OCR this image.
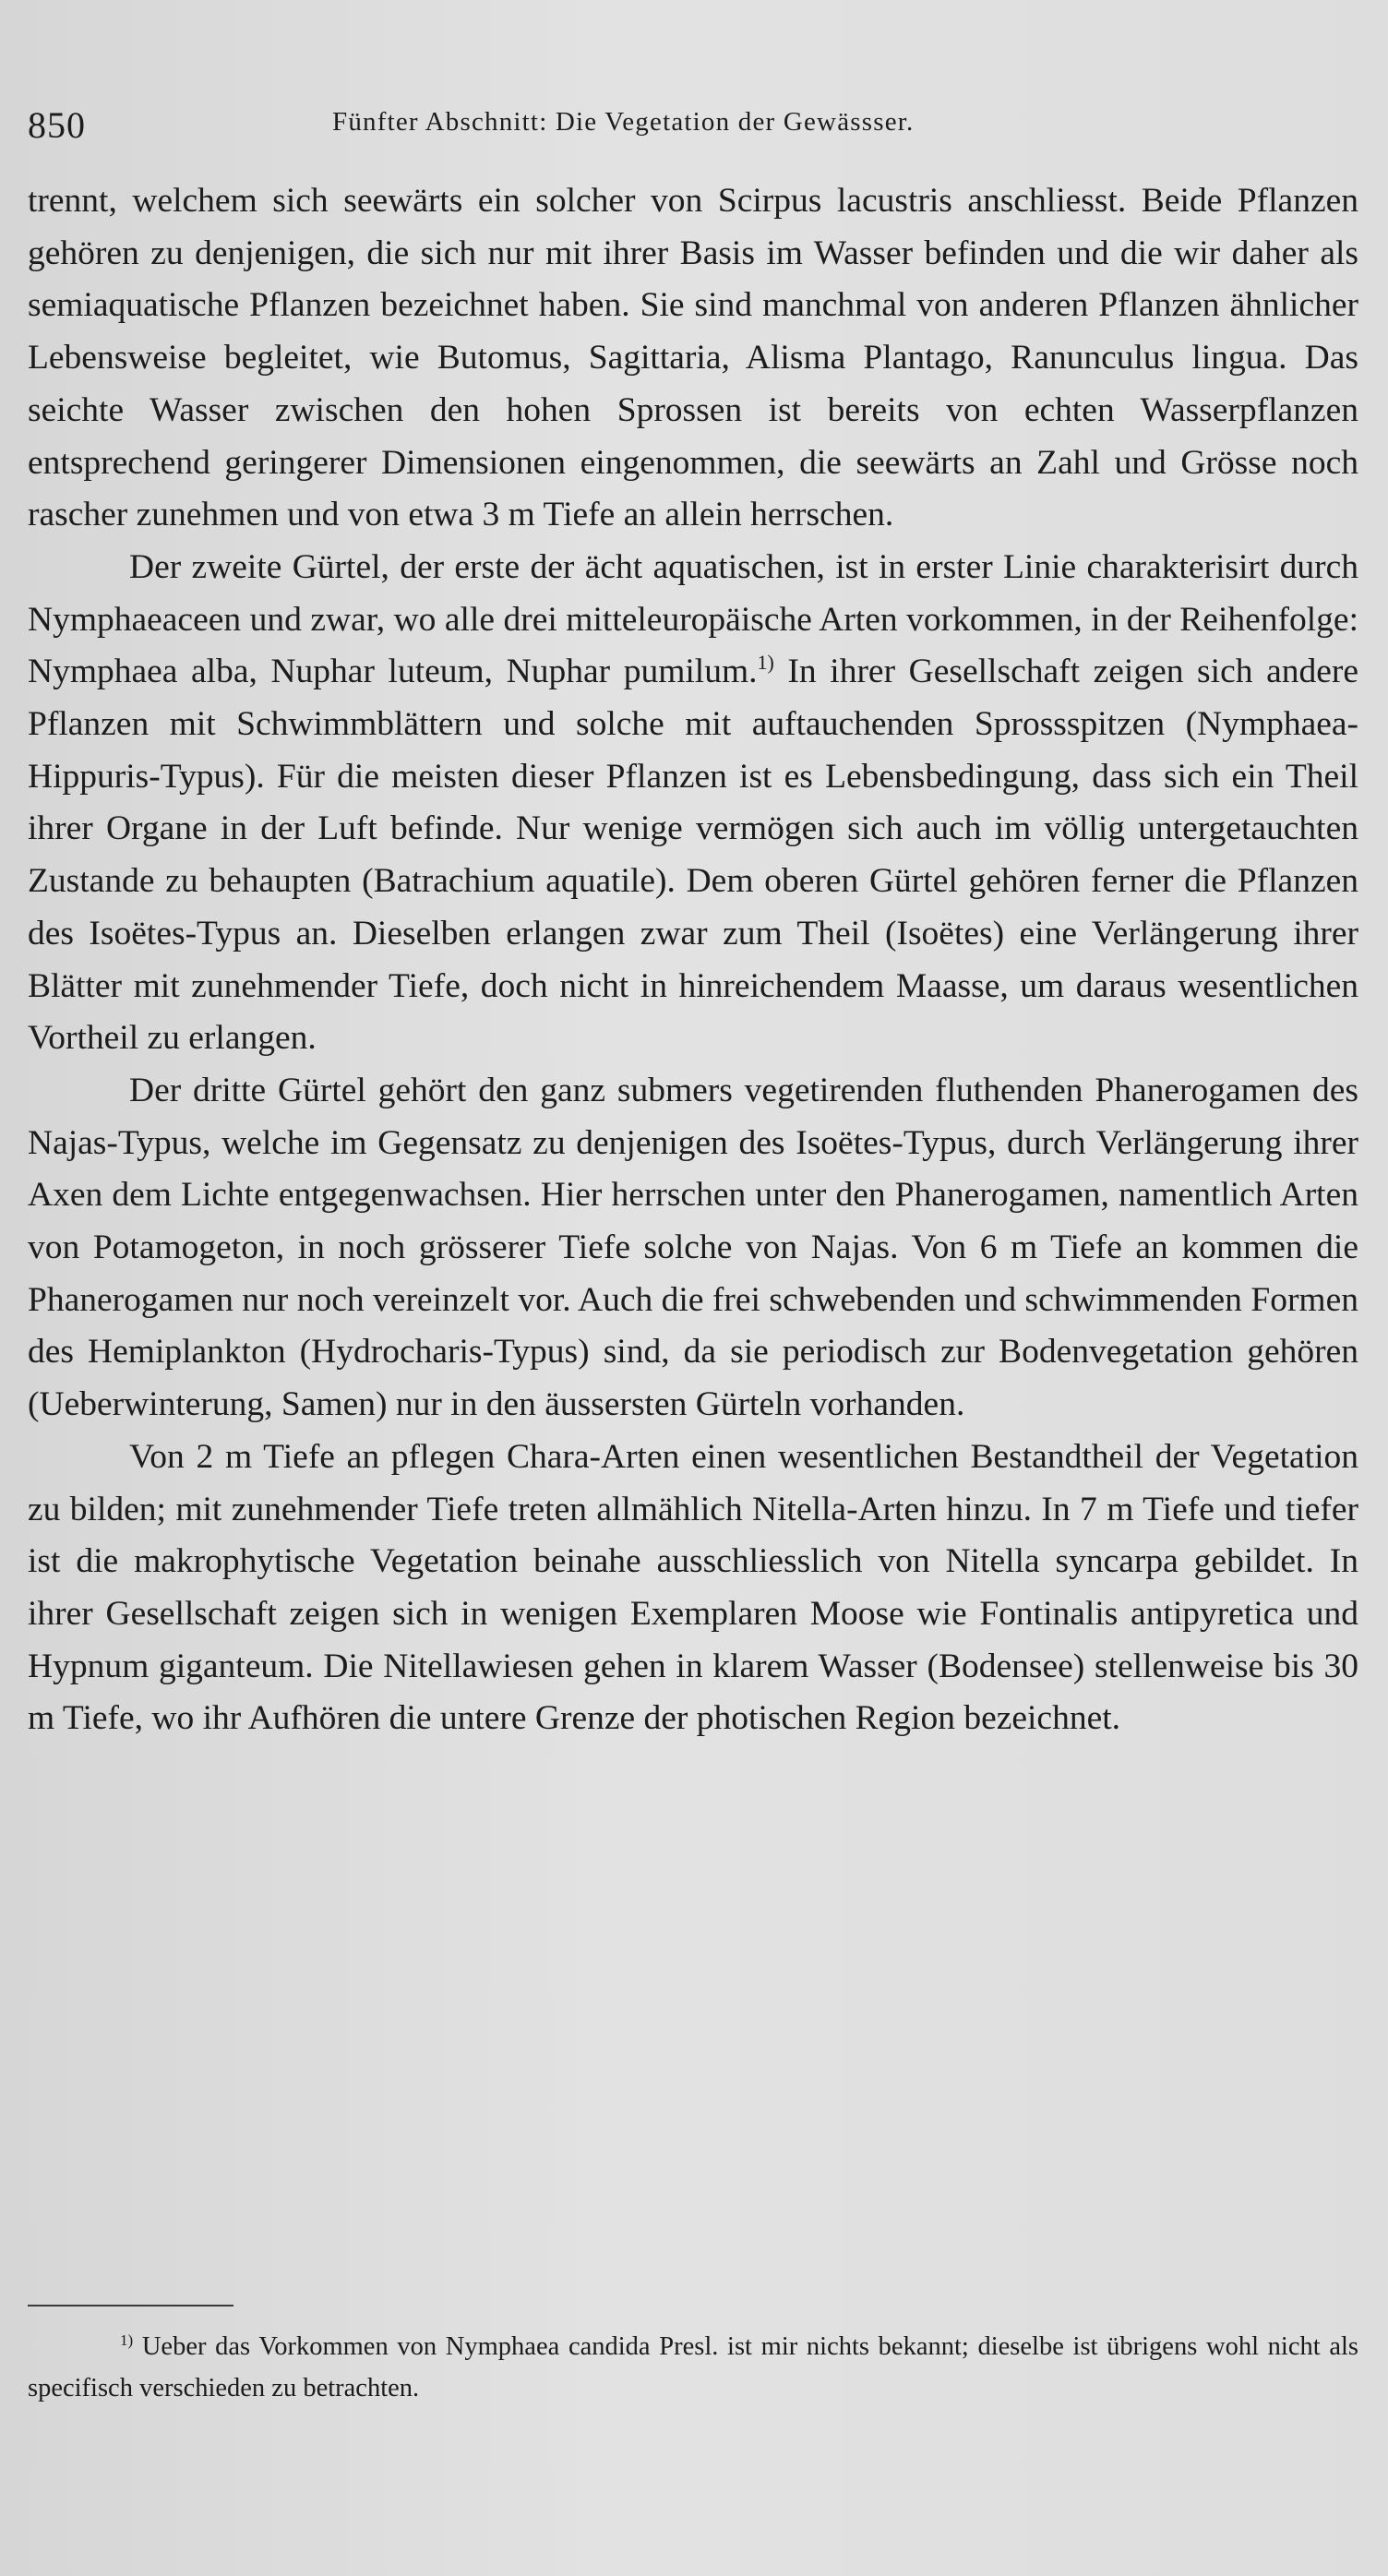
850	Fünfter Abschnitt: Die Vegetation der Gewässser.

trennt, welchem sich seewärts ein solcher von Scirpus lacustris anschliesst. Beide Pflanzen gehören zu denjenigen, die sich nur mit ihrer Basis im Wasser befinden und die wir daher als semiaquatische Pflanzen bezeichnet haben. Sie sind manchmal von anderen Pflanzen ähnlicher Lebensweise begleitet, wie Butomus, Sagittaria, Alisma Plantago, Ranunculus lingua. Das seichte Wasser zwischen den hohen Sprossen ist bereits von echten Wasserpflanzen entsprechend geringerer Dimensionen eingenommen, die seewärts an Zahl und Grösse noch rascher zunehmen und von etwa 3 m Tiefe an allein herrschen.

Der zweite Gürtel, der erste der ächt aquatischen, ist in erster Linie charakterisirt durch Nymphaeaceen und zwar, wo alle drei mitteleuropäische Arten vorkommen, in der Reihenfolge: Nymphaea alba, Nuphar luteum, Nuphar pumilum.$^{1)}$ In ihrer Gesellschaft zeigen sich andere Pflanzen mit Schwimmblättern und solche mit auftauchenden Sprossspitzen (Nymphaea-Hippuris-Typus). Für die meisten dieser Pflanzen ist es Lebensbedingung, dass sich ein Theil ihrer Organe in der Luft befinde. Nur wenige vermögen sich auch im völlig untergetauchten Zustande zu behaupten (Batrachium aquatile). Dem oberen Gürtel gehören ferner die Pflanzen des Isoëtes-Typus an. Dieselben erlangen zwar zum Theil (Isoëtes) eine Verlängerung ihrer Blätter mit zunehmender Tiefe, doch nicht in hinreichendem Maasse, um daraus wesentlichen Vortheil zu erlangen.

Der dritte Gürtel gehört den ganz submers vegetirenden fluthenden Phanerogamen des Najas-Typus, welche im Gegensatz zu denjenigen des Isoëtes-Typus, durch Verlängerung ihrer Axen dem Lichte entgegenwachsen. Hier herrschen unter den Phanerogamen, namentlich Arten von Potamogeton, in noch grösserer Tiefe solche von Najas. Von 6 m Tiefe an kommen die Phanerogamen nur noch vereinzelt vor. Auch die frei schwebenden und schwimmenden Formen des Hemiplankton (Hydrocharis-Typus) sind, da sie periodisch zur Bodenvegetation gehören (Ueberwinterung, Samen) nur in den äussersten Gürteln vorhanden.

Von 2 m Tiefe an pflegen Chara-Arten einen wesentlichen Bestandtheil der Vegetation zu bilden; mit zunehmender Tiefe treten allmählich Nitella-Arten hinzu. In 7 m Tiefe und tiefer ist die makrophytische Vegetation beinahe ausschliesslich von Nitella syncarpa gebildet. In ihrer Gesellschaft zeigen sich in wenigen Exemplaren Moose wie Fontinalis antipyretica und Hypnum giganteum. Die Nitellawiesen gehen in klarem Wasser (Bodensee) stellenweise bis 30 m Tiefe, wo ihr Aufhören die untere Grenze der photischen Region bezeichnet.

$^{1)}$ Ueber das Vorkommen von Nymphaea candida Presl. ist mir nichts bekannt; dieselbe ist übrigens wohl nicht als specifisch verschieden zu betrachten.
